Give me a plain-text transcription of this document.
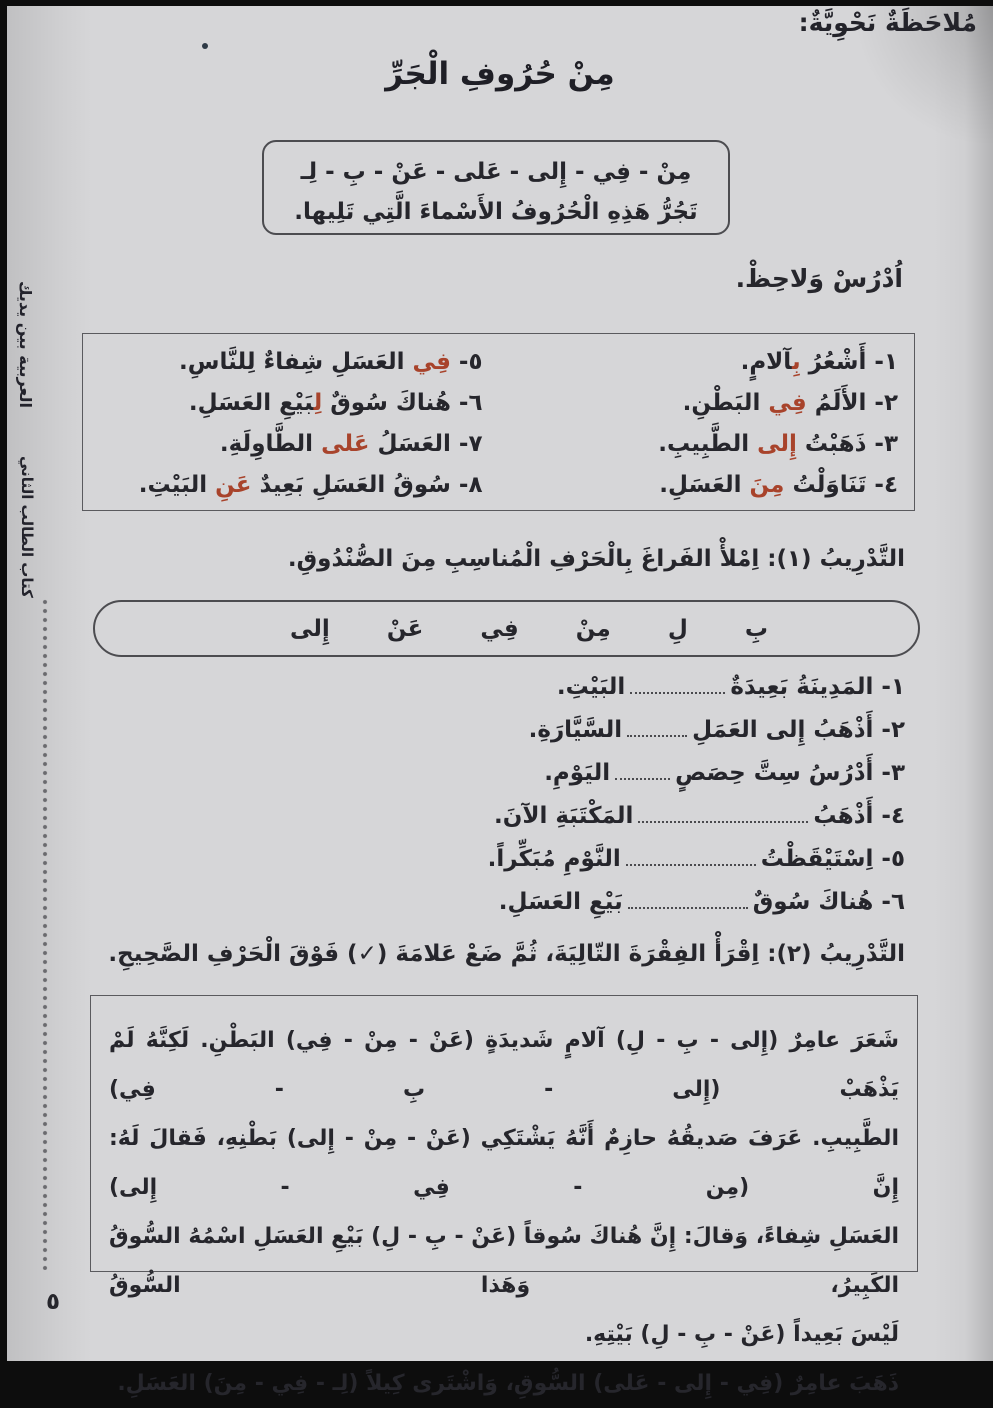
العربية بين يديك
كتاب الطالب الثاني
مُلاحَظَةٌ نَحْوِيَّةٌ:
مِنْ حُرُوفِ الْجَرِّ
مِنْ - فِي - إِلى - عَلى - عَنْ - بِ - لِـ
تَجُرُّ هَذِهِ الْحُرُوفُ الأَسْماءَ الَّتِي تَلِيها.
اُدْرُسْ وَلاحِظْ.
١- أَشْعُرُ بِآلامٍ.
٢- الأَلَمُ فِي البَطْنِ.
٣- ذَهَبْتُ إِلى الطَّبِيبِ.
٤- تَنَاوَلْتُ مِنَ العَسَلِ.
٥- فِي العَسَلِ شِفاءٌ لِلنَّاسِ.
٦- هُناكَ سُوقٌ لِبَيْعِ العَسَلِ.
٧- العَسَلُ عَلى الطَّاوِلَةِ.
٨- سُوقُ العَسَلِ بَعِيدٌ عَنِ البَيْتِ.
التَّدْرِيبُ (١): اِمْلأْ الفَراغَ بِالْحَرْفِ الْمُناسِبِ مِنَ الصُّنْدُوقِ.
بِ
لِ
مِنْ
فِي
عَنْ
إِلى
١- المَدِينَةُ بَعِيدَةٌالبَيْتِ.
٢- أَذْهَبُ إِلى العَمَلِالسَّيَّارَةِ.
٣- أَدْرُسُ سِتَّ حِصَصٍاليَوْمِ.
٤- أَذْهَبُالمَكْتَبَةِ الآنَ.
٥- اِسْتَيْقَظْتُالنَّوْمِ مُبَكِّراً.
٦- هُناكَ سُوقٌبَيْعِ العَسَلِ.
التَّدْرِيبُ (٢): اِقْرَأْ الفِقْرَةَ التّالِيَةَ، ثُمَّ ضَعْ عَلامَةَ (✓) فَوْقَ الْحَرْفِ الصَّحِيحِ.
شَعَرَ عامِرٌ (إِلى - بِ - لِ) آلامٍ شَديدَةٍ (عَنْ - مِنْ - فِي) البَطْنِ. لَكِنَّهُ لَمْ يَذْهَبْ (إِلى - بِ - فِي)
الطَّبِيبِ. عَرَفَ صَديقُهُ حازِمٌ أَنَّهُ يَشْتَكِي (عَنْ - مِنْ - إِلى) بَطْنِهِ، فَقالَ لَهُ: إِنَّ (مِن - فِي - إِلى)
العَسَلِ شِفاءً، وَقالَ: إِنَّ هُناكَ سُوقاً (عَنْ - بِ - لِ) بَيْعِ العَسَلِ اسْمُهُ السُّوقُ الكَبِيرُ، وَهَذا السُّوقُ
لَيْسَ بَعِيداً (عَنْ - بِ - لِ) بَيْتِهِ.
ذَهَبَ عامِرٌ (فِي - إِلى - عَلى) السُّوقِ، وَاشْتَرى كِيلاً (لِـ - فِي - مِنَ) العَسَلِ.
٥
